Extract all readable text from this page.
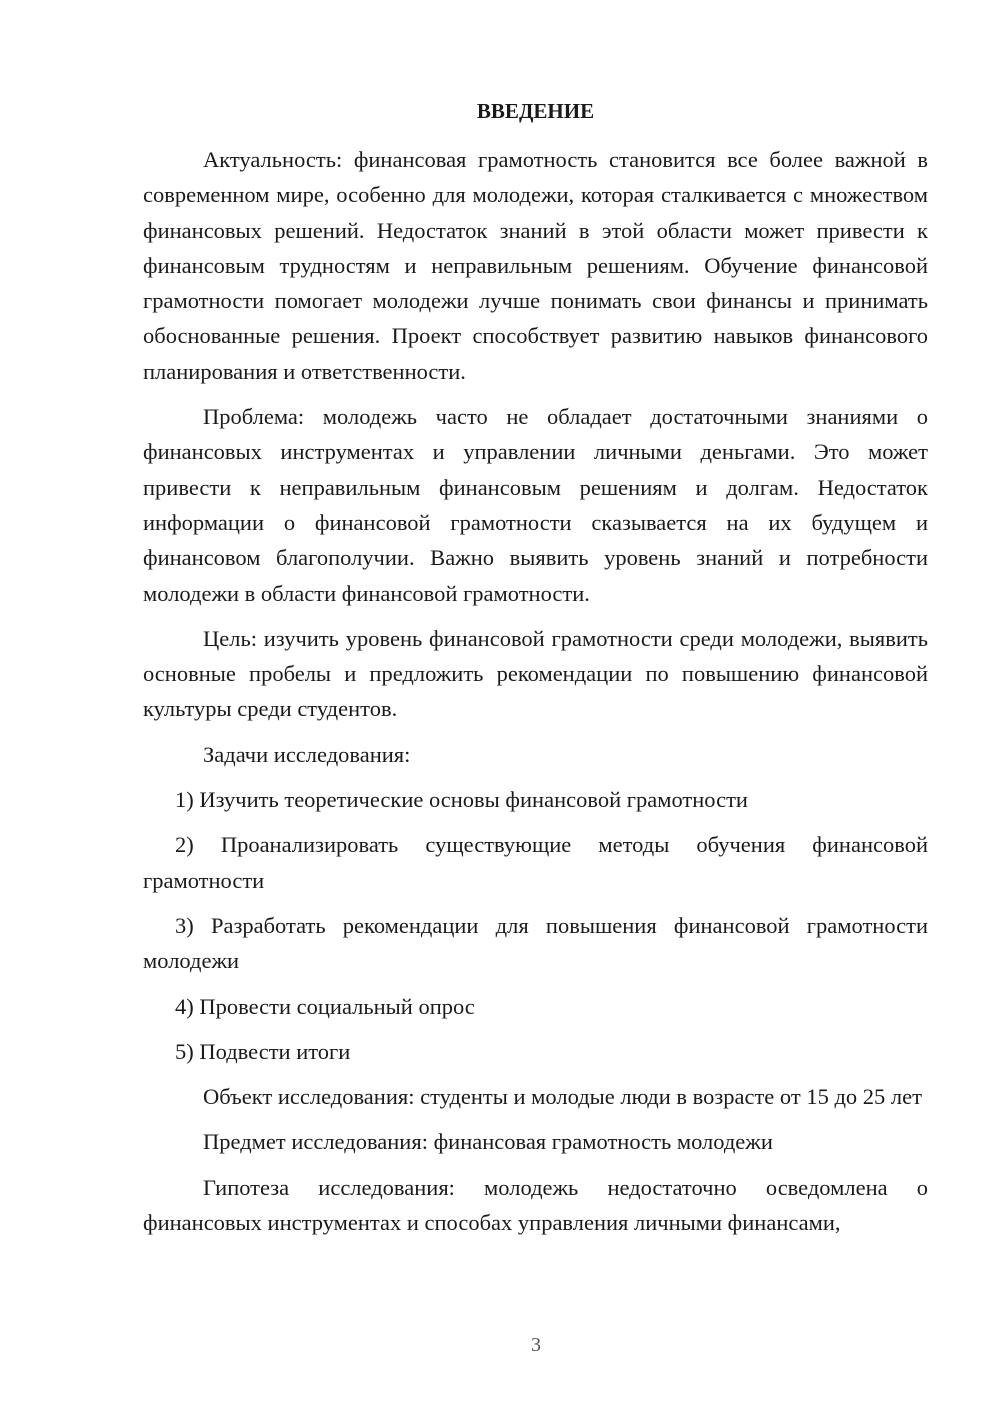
ВВЕДЕНИЕ

Актуальность: финансовая грамотность становится все более важной в современном мире, особенно для молодежи, которая сталкивается с множеством финансовых решений. Недостаток знаний в этой области может привести к финансовым трудностям и неправильным решениям. Обучение финансовой грамотности помогает молодежи лучше понимать свои финансы и принимать обоснованные решения. Проект способствует развитию навыков финансового планирования и ответственности.

Проблема: молодежь часто не обладает достаточными знаниями о финансовых инструментах и управлении личными деньгами. Это может привести к неправильным финансовым решениям и долгам. Недостаток информации о финансовой грамотности сказывается на их будущем и финансовом благополучии. Важно выявить уровень знаний и потребности молодежи в области финансовой грамотности.

Цель: изучить уровень финансовой грамотности среди молодежи, выявить основные пробелы и предложить рекомендации по повышению финансовой культуры среди студентов.

Задачи исследования:

1) Изучить теоретические основы финансовой грамотности

2) Проанализировать существующие методы обучения финансовой грамотности

3) Разработать рекомендации для повышения финансовой грамотности молодежи

4) Провести социальный опрос

5) Подвести итоги

Объект исследования: студенты и молодые люди в возрасте от 15 до 25 лет

Предмет исследования: финансовая грамотность молодежи

Гипотеза исследования: молодежь недостаточно осведомлена о финансовых инструментах и способах управления личными финансами,

3
